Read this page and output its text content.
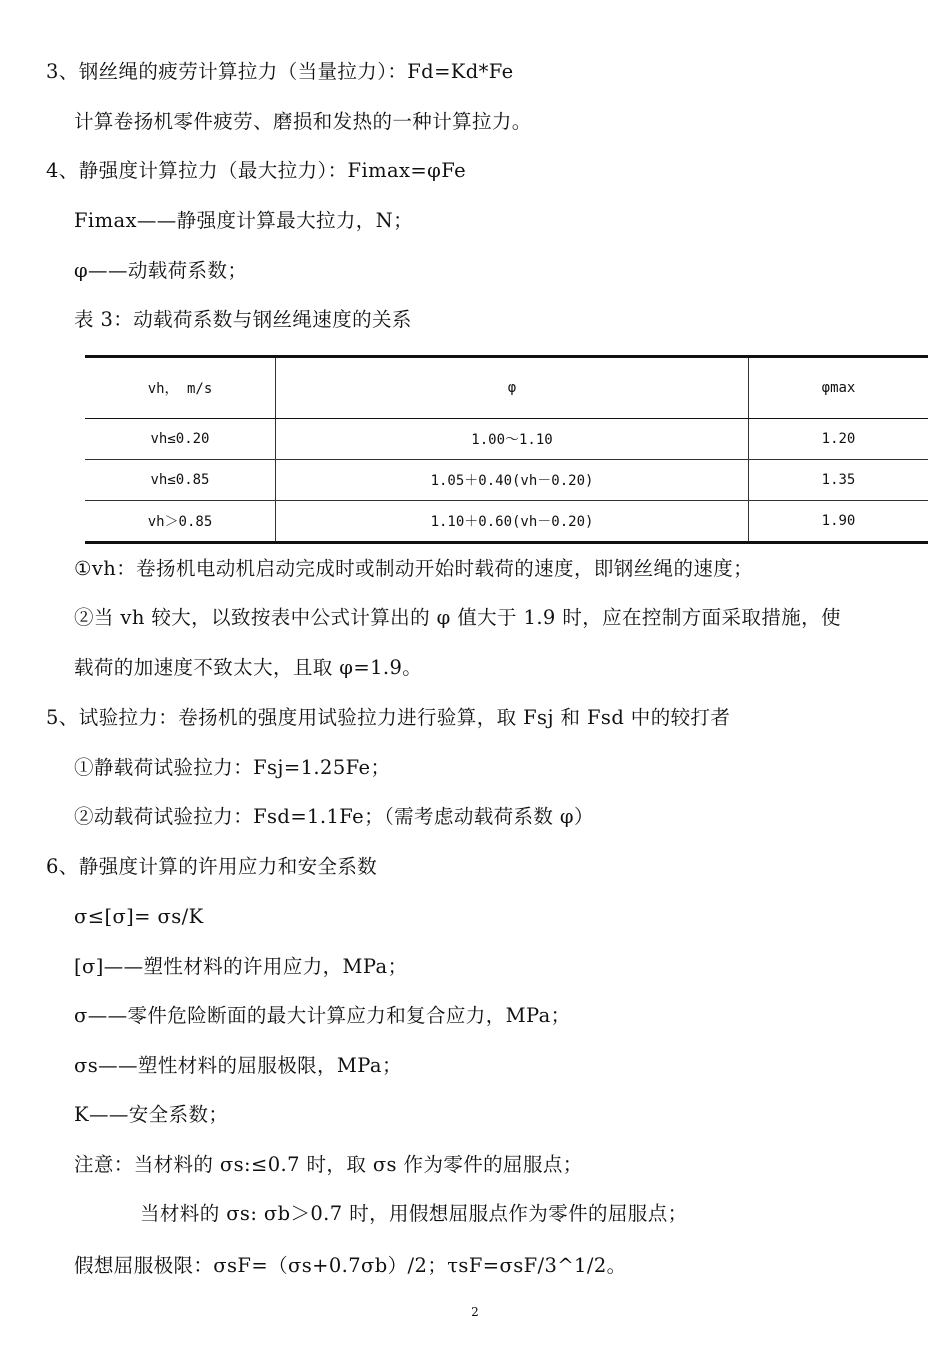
3、钢丝绳的疲劳计算拉力（当量拉力）：Fd=Kd*Fe
计算卷扬机零件疲劳、磨损和发热的一种计算拉力。
4、静强度计算拉力（最大拉力）：Fimax=φFe
Fimax——静强度计算最大拉力，N；
φ——动载荷系数；
表 3：动载荷系数与钢丝绳速度的关系
vh， m/s	φ	φmax
vh≤0.20	1.00～1.10	1.20
vh≤0.85	1.05＋0.40(vh－0.20)	1.35
vh＞0.85	1.10＋0.60(vh－0.20)	1.90
①vh：卷扬机电动机启动完成时或制动开始时载荷的速度，即钢丝绳的速度；
②当 vh 较大，以致按表中公式计算出的 φ 值大于 1.9 时，应在控制方面采取措施，使
载荷的加速度不致太大，且取 φ=1.9。
5、试验拉力：卷扬机的强度用试验拉力进行验算，取 Fsj 和 Fsd 中的较打者
①静载荷试验拉力：Fsj=1.25Fe；
②动载荷试验拉力：Fsd=1.1Fe；（需考虑动载荷系数 φ）
6、静强度计算的许用应力和安全系数
σ≤[σ]= σs/K
[σ]——塑性材料的许用应力，MPa；
σ——零件危险断面的最大计算应力和复合应力，MPa；
σs——塑性材料的屈服极限，MPa；
K——安全系数；
注意：当材料的 σs:≤0.7 时，取 σs 作为零件的屈服点；
当材料的 σs: σb＞0.7 时，用假想屈服点作为零件的屈服点；
假想屈服极限：σsF=（σs+0.7σb）/2；τsF=σsF/3^1/2。
2
